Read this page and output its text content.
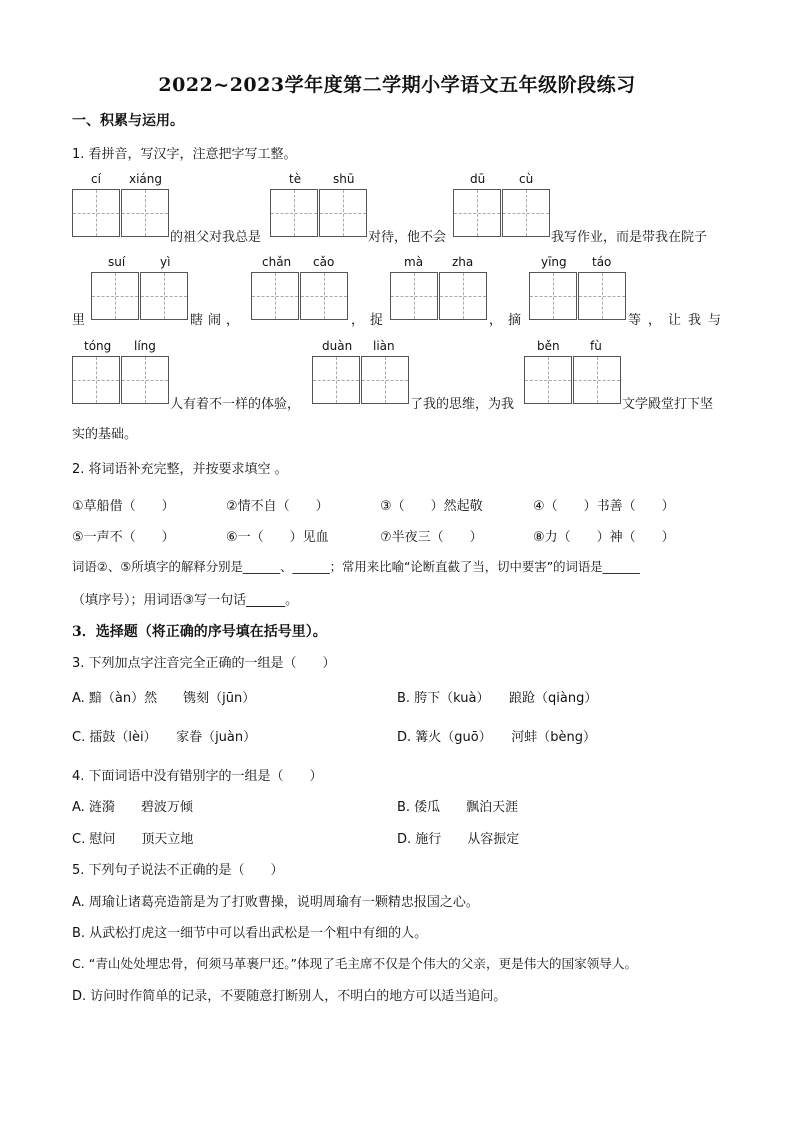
2022~2023学年度第二学期小学语文五年级阶段练习
一、积累与运用。
1. 看拼音，写汉字，注意把字写工整。
cí xiáng
的祖父对我总是
tè	shū
对待，他不会
dū	cù
我写作业，而是带我在院子
suí	yì
里	瞎闹，
chǎn cǎo
，捉
mà zha
，摘
yīng táo
等，让我与
tóng líng
人有着不一样的体验，
duàn liàn
了我的思维，为我
běn	fù
文学殿堂打下坚
实的基础。
2. 将词语补充完整，并按要求填空 。
①草船借（　　）	②情不自（　　）	③（　　）然起敬	④（　　）书善（　　）
⑤一声不（　　）	⑥一（　　）见血	⑦半夜三（　　）	⑧力（　　）神（　　）
词语②、⑤所填字的解释分别是______、______；常用来比喻“论断直截了当，切中要害”的词语是______
（填序号）；用词语③写一句话______。
3．选择题（将正确的序号填在括号里）。
3. 下列加点字注音完全正确的一组是（　　）
A. 黯（àn）然　　镌刻（jūn）	B. 胯下（kuà）　　踉跄（qiàng）
C. 擂鼓（lèi）　　家眷（juàn）	D. 篝火（guō）　　河蚌（bèng）
4. 下面词语中没有错别字的一组是（　　）
A. 涟漪　　碧波万倾	B. 倭瓜　　飘泊天涯
C. 慰问　　顶天立地	D. 施行　　从容振定
5. 下列句子说法不正确的是（　　）
A. 周瑜让诸葛亮造箭是为了打败曹操，说明周瑜有一颗精忠报国之心。
B. 从武松打虎这一细节中可以看出武松是一个粗中有细的人。
C. “青山处处埋忠骨，何须马革裹尸还。”体现了毛主席不仅是个伟大的父亲，更是伟大的国家领导人。
D. 访问时作简单的记录，不要随意打断别人，不明白的地方可以适当追问。
